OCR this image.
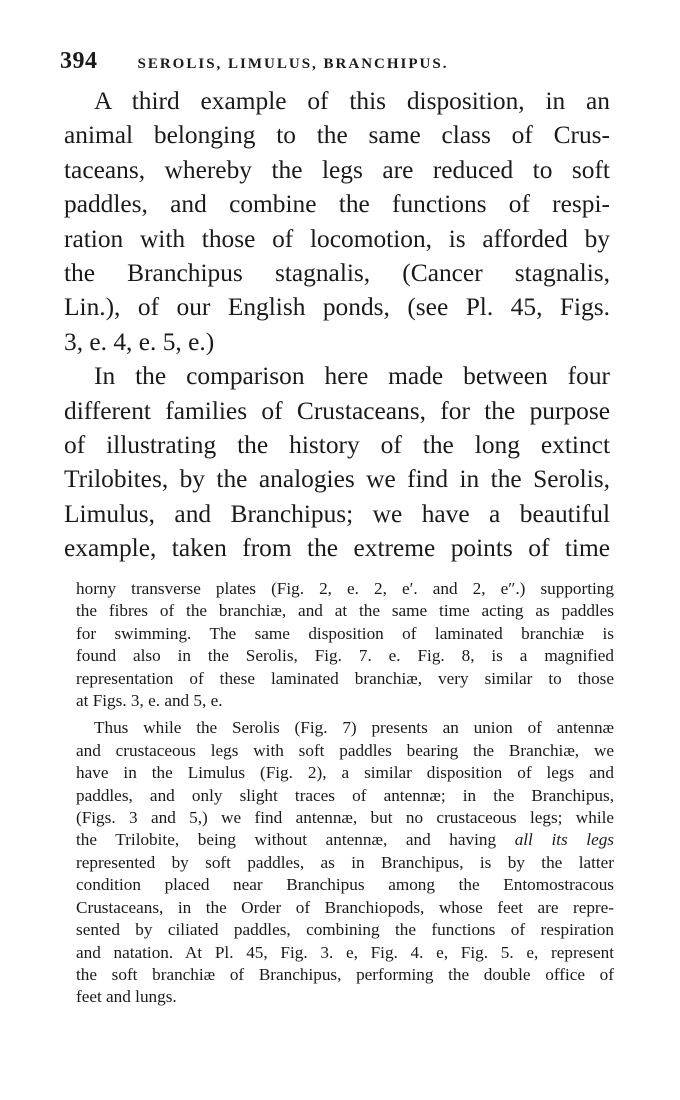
394	SEROLIS, LIMULUS, BRANCHIPUS.
A third example of this disposition, in an
animal belonging to the same class of Crus-
taceans, whereby the legs are reduced to soft
paddles, and combine the functions of respi-
ration with those of locomotion, is afforded by
the Branchipus stagnalis, (Cancer stagnalis,
Lin.), of our English ponds, (see Pl. 45, Figs.
3, e. 4, e. 5, e.)
In the comparison here made between four
different families of Crustaceans, for the purpose
of illustrating the history of the long extinct
Trilobites, by the analogies we find in the Serolis,
Limulus, and Branchipus; we have a beautiful
example, taken from the extreme points of time
horny transverse plates (Fig. 2, e. 2, e′. and 2, e″.) supporting
the fibres of the branchiæ, and at the same time acting as paddles
for swimming. The same disposition of laminated branchiæ is
found also in the Serolis, Fig. 7. e. Fig. 8, is a magnified
representation of these laminated branchiæ, very similar to those
at Figs. 3, e. and 5, e.
Thus while the Serolis (Fig. 7) presents an union of antennæ
and crustaceous legs with soft paddles bearing the Branchiæ, we
have in the Limulus (Fig. 2), a similar disposition of legs and
paddles, and only slight traces of antennæ; in the Branchipus,
(Figs. 3 and 5,) we find antennæ, but no crustaceous legs; while
the Trilobite, being without antennæ, and having all its legs
represented by soft paddles, as in Branchipus, is by the latter
condition placed near Branchipus among the Entomostracous
Crustaceans, in the Order of Branchiopods, whose feet are repre-
sented by ciliated paddles, combining the functions of respiration
and natation. At Pl. 45, Fig. 3. e, Fig. 4. e, Fig. 5. e, represent
the soft branchiæ of Branchipus, performing the double office of
feet and lungs.
